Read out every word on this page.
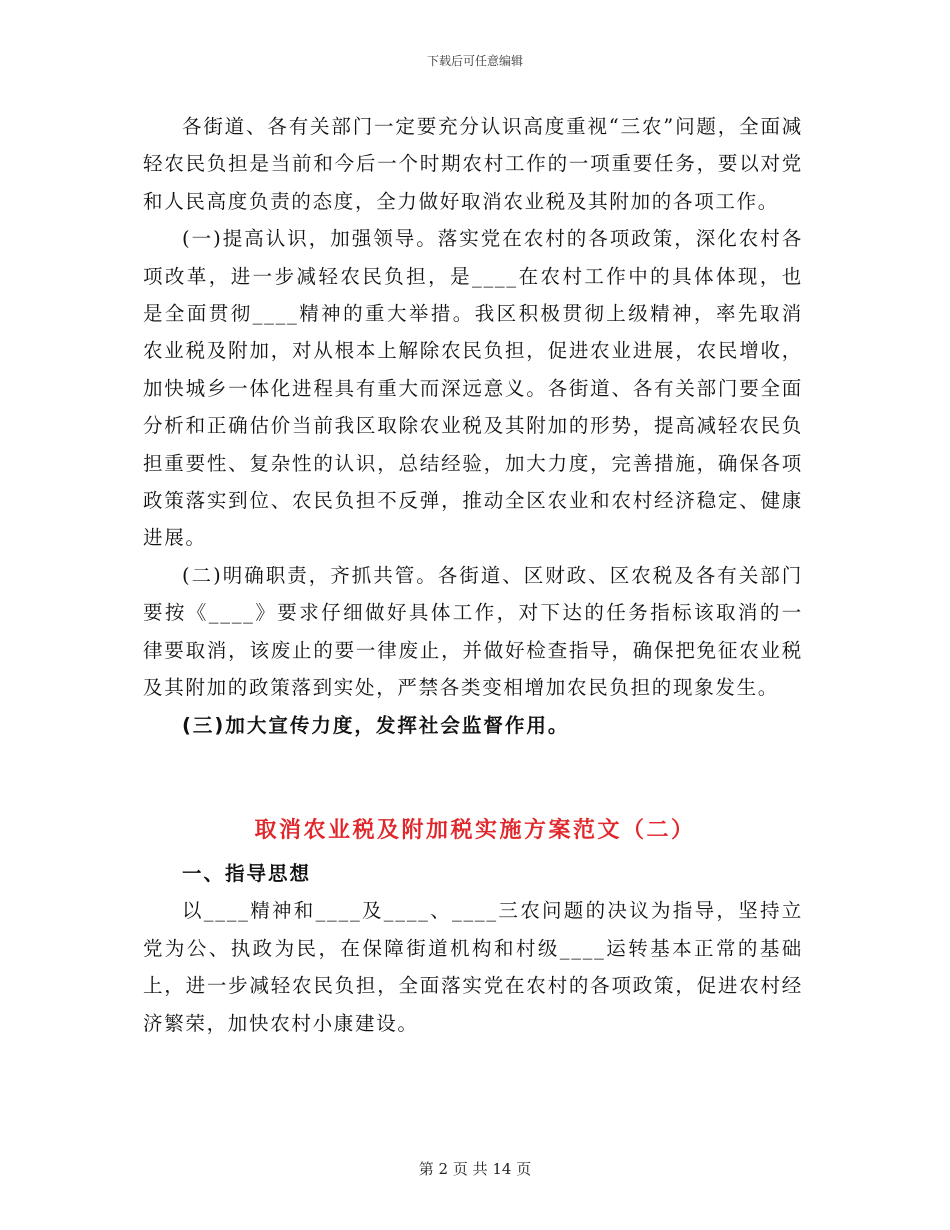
下载后可任意编辑

各街道、各有关部门一定要充分认识高度重视“三农”问题，全面减轻农民负担是当前和今后一个时期农村工作的一项重要任务，要以对党和人民高度负责的态度，全力做好取消农业税及其附加的各项工作。

(一)提高认识，加强领导。落实党在农村的各项政策，深化农村各项改革，进一步减轻农民负担，是____在农村工作中的具体体现，也是全面贯彻____精神的重大举措。我区积极贯彻上级精神，率先取消农业税及附加，对从根本上解除农民负担，促进农业进展，农民增收，加快城乡一体化进程具有重大而深远意义。各街道、各有关部门要全面分析和正确估价当前我区取除农业税及其附加的形势，提高减轻农民负担重要性、复杂性的认识，总结经验，加大力度，完善措施，确保各项政策落实到位、农民负担不反弹，推动全区农业和农村经济稳定、健康进展。

(二)明确职责，齐抓共管。各街道、区财政、区农税及各有关部门要按《____》要求仔细做好具体工作，对下达的任务指标该取消的一律要取消，该废止的要一律废止，并做好检查指导，确保把免征农业税及其附加的政策落到实处，严禁各类变相增加农民负担的现象发生。

(三)加大宣传力度，发挥社会监督作用。

取消农业税及附加税实施方案范文（二）

一、指导思想

以____精神和____及____、____三农问题的决议为指导，坚持立党为公、执政为民，在保障街道机构和村级____运转基本正常的基础上，进一步减轻农民负担，全面落实党在农村的各项政策，促进农村经济繁荣，加快农村小康建设。

第 2 页 共 14 页
